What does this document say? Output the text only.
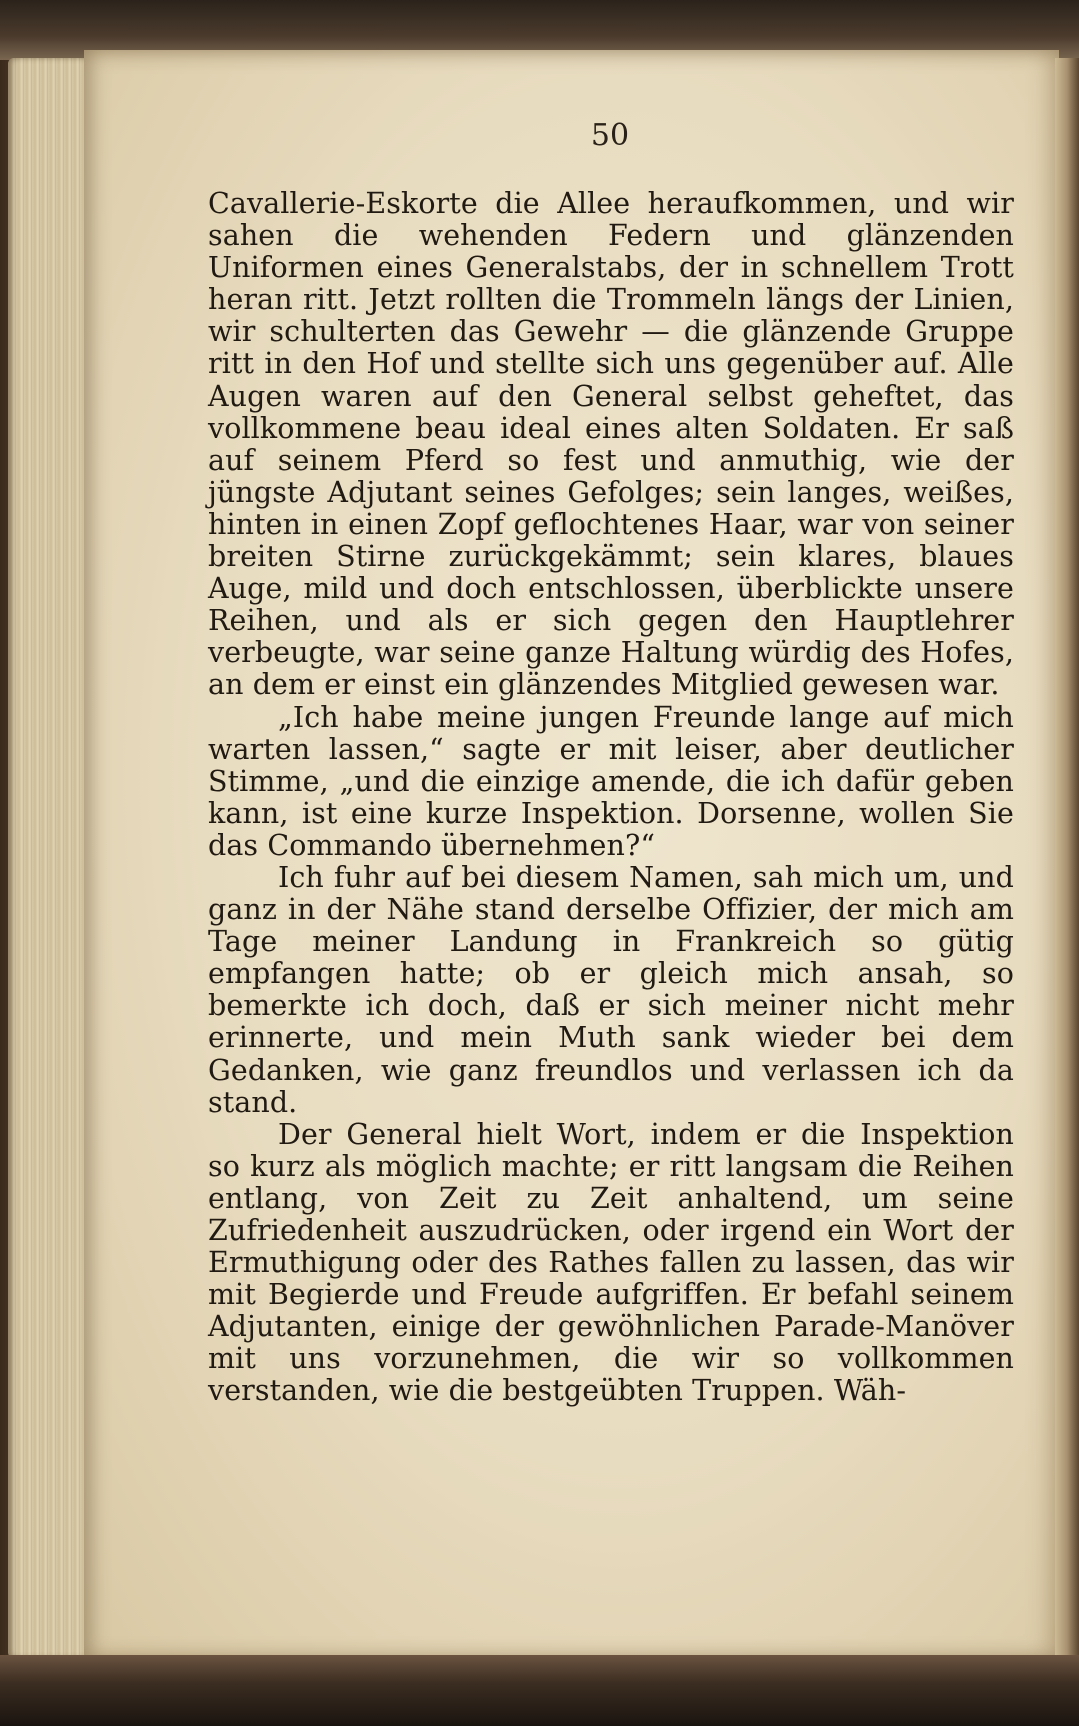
50

Cavallerie-Eskorte die Allee heraufkommen, und wir sahen die wehenden Federn und glänzenden Uniformen eines Generalstabs, der in schnellem Trott heran ritt. Jetzt rollten die Trommeln längs der Linien, wir schulterten das Gewehr — die glänzende Gruppe ritt in den Hof und stellte sich uns gegenüber auf. Alle Augen waren auf den General selbst geheftet, das vollkommene beau ideal eines alten Soldaten. Er saß auf seinem Pferd so fest und anmuthig, wie der jüngste Adjutant seines Gefolges; sein langes, weißes, hinten in einen Zopf geflochtenes Haar, war von seiner breiten Stirne zurückgekämmt; sein klares, blaues Auge, mild und doch entschlossen, überblickte unsere Reihen, und als er sich gegen den Hauptlehrer verbeugte, war seine ganze Haltung würdig des Hofes, an dem er einst ein glänzendes Mitglied gewesen war.

„Ich habe meine jungen Freunde lange auf mich warten lassen,“ sagte er mit leiser, aber deutlicher Stimme, „und die einzige amende, die ich dafür geben kann, ist eine kurze Inspektion. Dorsenne, wollen Sie das Commando übernehmen?“

Ich fuhr auf bei diesem Namen, sah mich um, und ganz in der Nähe stand derselbe Offizier, der mich am Tage meiner Landung in Frankreich so gütig empfangen hatte; ob er gleich mich ansah, so bemerkte ich doch, daß er sich meiner nicht mehr erinnerte, und mein Muth sank wieder bei dem Gedanken, wie ganz freundlos und verlassen ich da stand.

Der General hielt Wort, indem er die Inspektion so kurz als möglich machte; er ritt langsam die Reihen entlang, von Zeit zu Zeit anhaltend, um seine Zufriedenheit auszudrücken, oder irgend ein Wort der Ermuthigung oder des Rathes fallen zu lassen, das wir mit Begierde und Freude aufgriffen. Er befahl seinem Adjutanten, einige der gewöhnlichen Parade-Manöver mit uns vorzunehmen, die wir so vollkommen verstanden, wie die bestgeübten Truppen. Wäh-
